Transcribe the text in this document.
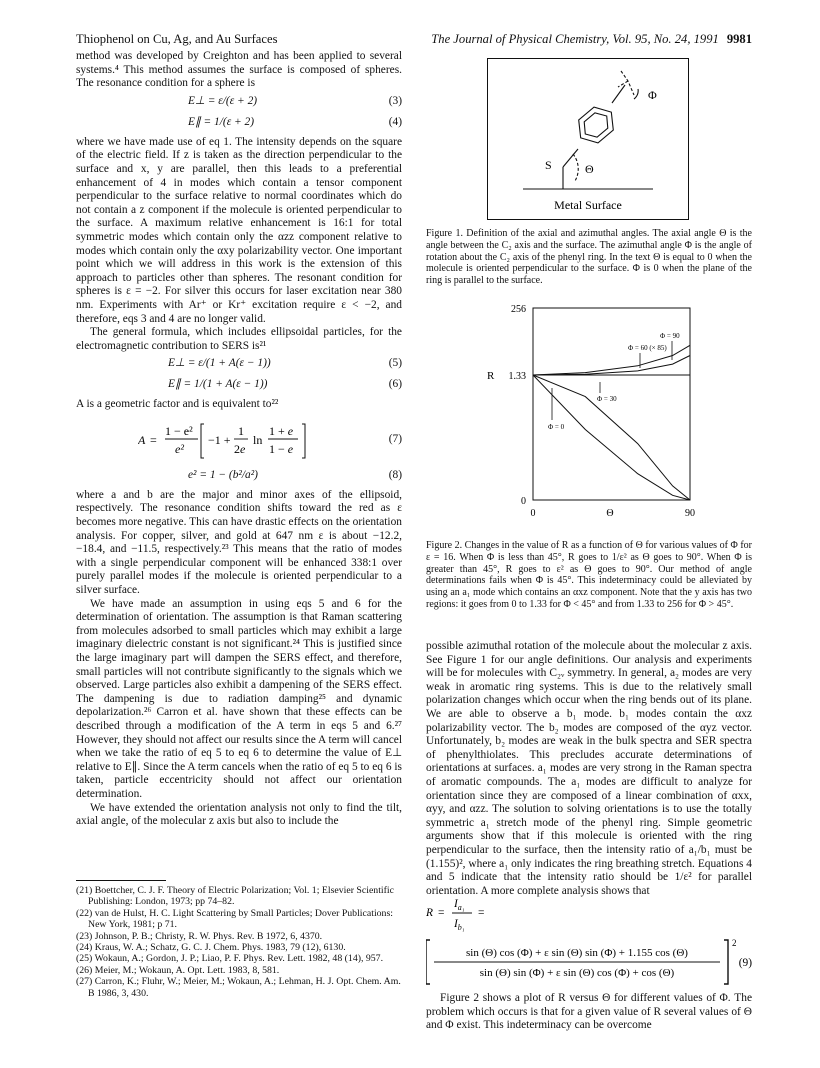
Thiophenol on Cu, Ag, and Au Surfaces	The Journal of Physical Chemistry, Vol. 95, No. 24, 1991 9981

method was developed by Creighton and has been applied to several systems.⁴ This method assumes the surface is composed of spheres. The resonance condition for a sphere is

E⊥ = ε/(ε + 2)	(3)
E∥ = 1/(ε + 2)	(4)

where we have made use of eq 1. The intensity depends on the square of the electric field. If z is taken as the direction perpendicular to the surface and x, y are parallel, then this leads to a preferential enhancement of 4 in modes which contain a tensor component perpendicular to the surface relative to normal coordinates which do not contain a z component if the molecule is oriented perpendicular to the surface. A maximum relative enhancement is 16:1 for total symmetric modes which contain only the αzz component relative to modes which contain only the αxy polarizability vector. One important point which we will address in this work is the extension of this approach to particles other than spheres. The resonant condition for spheres is ε = −2. For silver this occurs for laser excitation near 380 nm. Experiments with Ar⁺ or Kr⁺ excitation require ε < −2, and therefore, eqs 3 and 4 are no longer valid.

The general formula, which includes ellipsoidal particles, for the electromagnetic contribution to SERS is²¹

E⊥ = ε/(1 + A(ε − 1))	(5)
E∥ = 1/(1 + A(ε − 1))	(6)

A is a geometric factor and is equivalent to²²

A =
1 − e²
e²
−1 +
1
2e
ln
1 + e
1 − e
(7)
e² = 1 − (b²/a²)	(8)

where a and b are the major and minor axes of the ellipsoid, respectively. The resonance condition shifts toward the red as ε becomes more negative. This can have drastic effects on the orientation analysis. For copper, silver, and gold at 647 nm ε is about −12.2, −18.4, and −11.5, respectively.²³ This means that the ratio of modes with a single perpendicular component will be enhanced 338:1 over purely parallel modes if the molecule is oriented perpendicular to a silver surface.

We have made an assumption in using eqs 5 and 6 for the determination of orientation. The assumption is that Raman scattering from molecules adsorbed to small particles which may exhibit a large imaginary dielectric constant is not significant.²⁴ This is justified since the large imaginary part will dampen the SERS effect, and therefore, small particles will not contribute significantly to the signals which we observed. Large particles also exhibit a dampening of the SERS effect. The dampening is due to radiation damping²⁵ and dynamic depolarization.²⁶ Carron et al. have shown that these effects can be described through a modification of the A term in eqs 5 and 6.²⁷ However, they should not affect our results since the A term will cancel when we take the ratio of eq 5 to eq 6 to determine the value of E⊥ relative to E∥. Since the A term cancels when the ratio of eq 5 to eq 6 is taken, particle eccentricity should not affect our orientation determination.

We have extended the orientation analysis not only to find the tilt, axial angle, of the molecular z axis but also to include the

(21) Boettcher, C. J. F. Theory of Electric Polarization; Vol. 1; Elsevier Scientific Publishing: London, 1973; pp 74–82.
(22) van de Hulst, H. C. Light Scattering by Small Particles; Dover Publications: New York, 1981; p 71.
(23) Johnson, P. B.; Christy, R. W. Phys. Rev. B 1972, 6, 4370.
(24) Kraus, W. A.; Schatz, G. C. J. Chem. Phys. 1983, 79 (12), 6130.
(25) Wokaun, A.; Gordon, J. P.; Liao, P. F. Phys. Rev. Lett. 1982, 48 (14), 957.
(26) Meier, M.; Wokaun, A. Opt. Lett. 1983, 8, 581.
(27) Carron, K.; Fluhr, W.; Meier, M.; Wokaun, A.; Lehman, H. J. Opt. Chem. Am. B 1986, 3, 430.
S	Θ
Φ
Metal Surface
Figure 1. Definition of the axial and azimuthal angles. The axial angle Θ is the angle between the C₂ axis and the surface. The azimuthal angle Φ is the angle of rotation about the C₂ axis of the phenyl ring. In the text Θ is equal to 0 when the molecule is oriented perpendicular to the surface. Φ is 0 when the plane of the ring is parallel to the surface.
256
1.33
0
R
0	90
Θ
Φ = 90
Φ = 60 (× 85)
Φ = 30
Φ = 0
Figure 2. Changes in the value of R as a function of Θ for various values of Φ for ε = 16. When Φ is less than 45°, R goes to 1/ε² as Θ goes to 90°. When Φ is greater than 45°, R goes to ε² as Θ goes to 90°. Our method of angle determinations fails when Φ is 45°. This indeterminacy could be alleviated by using an a₁ mode which contains an αxz component. Note that the y axis has two regions: it goes from 0 to 1.33 for Φ < 45° and from 1.33 to 256 for Φ > 45°.

possible azimuthal rotation of the molecule about the molecular z axis. See Figure 1 for our angle definitions. Our analysis and experiments will be for molecules with C₂ᵥ symmetry. In general, a₂ modes are very weak in aromatic ring systems. This is due to the relatively small polarization changes which occur when the ring bends out of its plane. We are able to observe a b₁ mode. b₁ modes contain the αxz polarizability vector. The b₂ modes are composed of the αyz vector. Unfortunately, b₂ modes are weak in the bulk spectra and SER spectra of phenylthiolates. This precludes accurate determinations of orientations at surfaces. a₁ modes are very strong in the Raman spectra of aromatic compounds. The a₁ modes are difficult to analyze for orientation since they are composed of a linear combination of αxx, αyy, and αzz. The solution to solving orientations is to use the totally symmetric a₁ stretch mode of the phenyl ring. Simple geometric arguments show that if this molecule is oriented with the ring perpendicular to the surface, then the intensity ratio of a₁/b₁ must be (1.155)², where a₁ only indicates the ring breathing stretch. Equations 4 and 5 indicate that the intensity ratio should be 1/ε² for parallel orientation. A more complete analysis shows that

R =
$I_{a_1}$
$I_{b_1}$
=
2
sin (Θ) cos (Φ) + ε sin (Θ) sin (Φ) + 1.155 cos (Θ)
sin (Θ) sin (Φ) + ε sin (Θ) cos (Φ) + cos (Θ)
(9)

Figure 2 shows a plot of R versus Θ for different values of Φ. The problem which occurs is that for a given value of R several values of Θ and Φ exist. This indeterminacy can be overcome
